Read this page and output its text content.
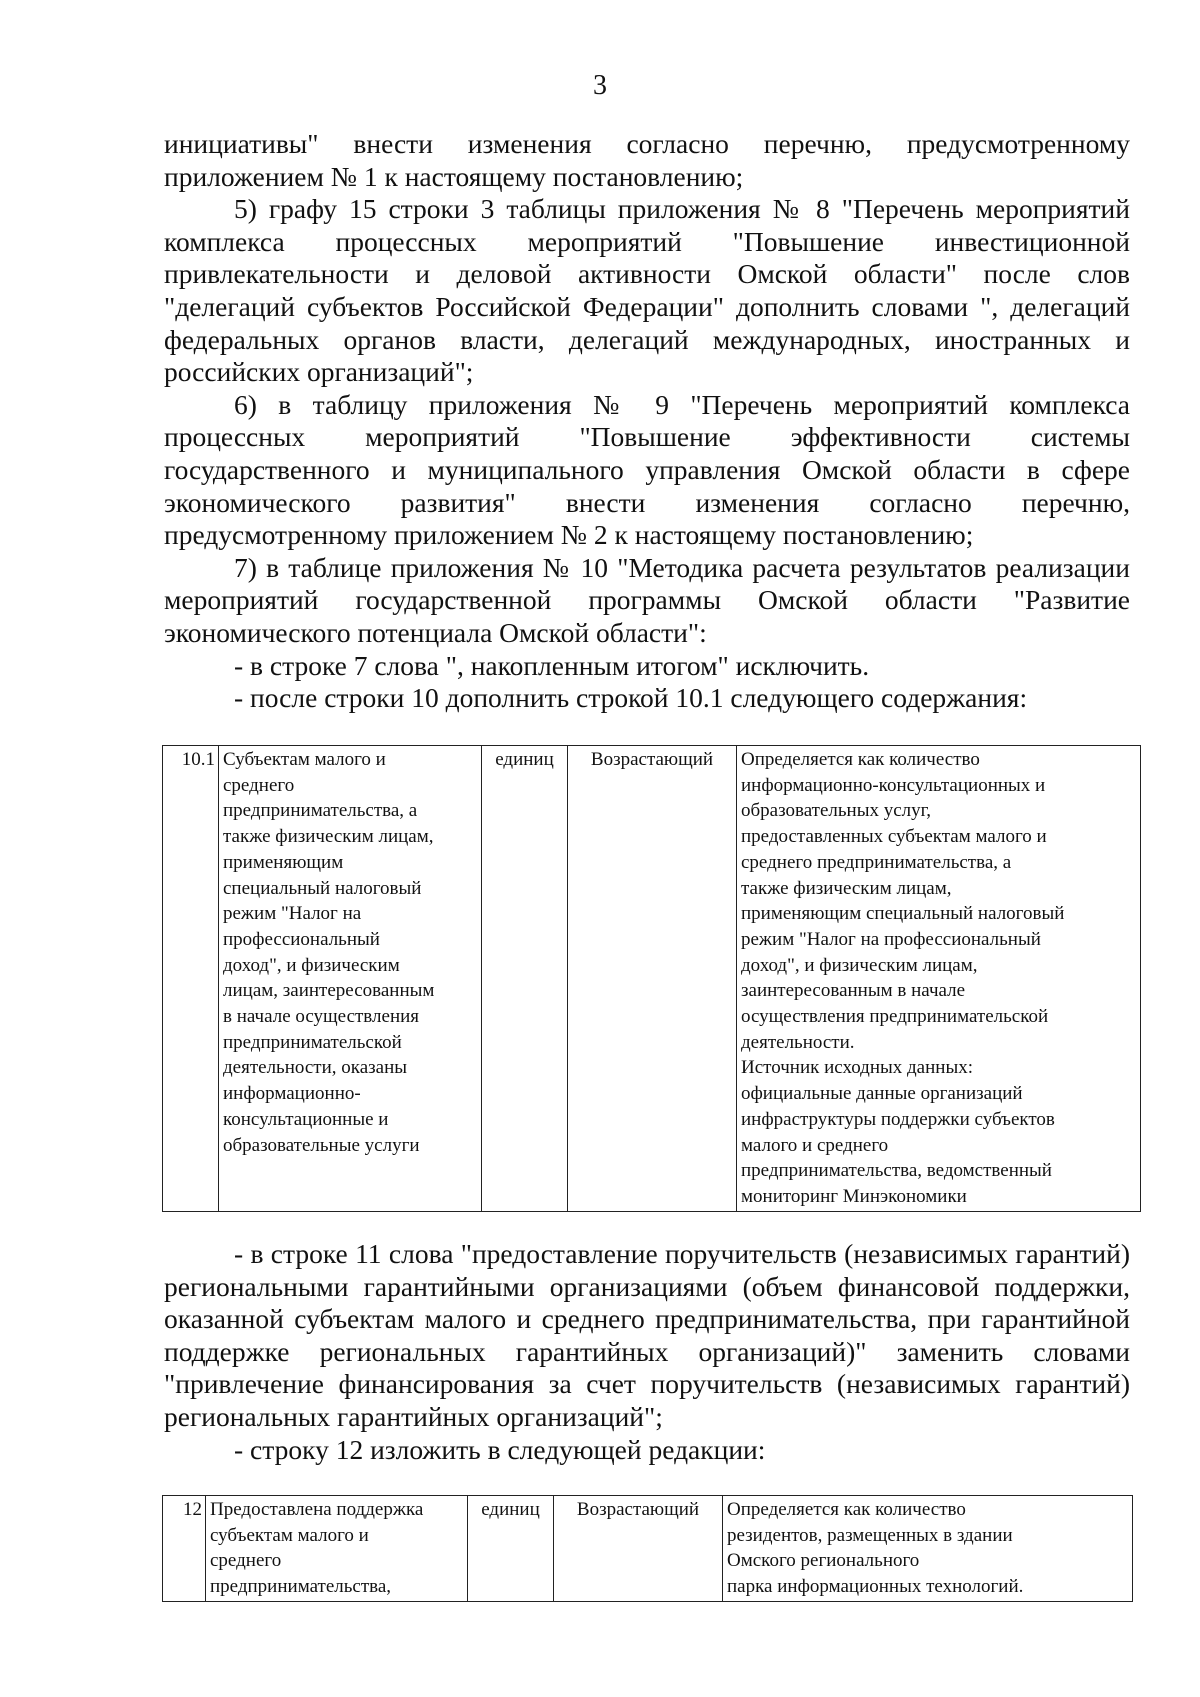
3

инициативы" внести изменения согласно перечню, предусмотренному приложением № 1 к настоящему постановлению;

5) графу 15 строки 3 таблицы приложения № 8 "Перечень мероприятий комплекса процессных мероприятий "Повышение инвестиционной привлекательности и деловой активности Омской области" после слов "делегаций субъектов Российской Федерации" дополнить словами ", делегаций федеральных органов власти, делегаций международных, иностранных и российских организаций";

6) в таблицу приложения № 9 "Перечень мероприятий комплекса процессных мероприятий "Повышение эффективности системы государственного и муниципального управления Омской области в сфере экономического развития" внести изменения согласно перечню, предусмотренному приложением № 2 к настоящему постановлению;

7) в таблице приложения № 10 "Методика расчета результатов реализации мероприятий государственной программы Омской области "Развитие экономического потенциала Омской области":

- в строке 7 слова ", накопленным итогом" исключить.

- после строки 10 дополнить строкой 10.1 следующего содержания:

10.1	Субъектам малого и
среднего
предпринимательства, а
также физическим лицам,
применяющим
специальный налоговый
режим "Налог на
профессиональный
доход", и физическим
лицам, заинтересованным
в начале осуществления
предпринимательской
деятельности, оказаны
информационно-
консультационные и
образовательные услуги	единиц	Возрастающий	Определяется как количество
информационно-консультационных и
образовательных услуг,
предоставленных субъектам малого и
среднего предпринимательства, а
также физическим лицам,
применяющим специальный налоговый
режим "Налог на профессиональный
доход", и физическим лицам,
заинтересованным в начале
осуществления предпринимательской
деятельности.
Источник исходных данных:
официальные данные организаций
инфраструктуры поддержки субъектов
малого и среднего
предпринимательства, ведомственный
мониторинг Минэкономики

- в строке 11 слова "предоставление поручительств (независимых гарантий) региональными гарантийными организациями (объем финансовой поддержки, оказанной субъектам малого и среднего предпринимательства, при гарантийной поддержке региональных гарантийных организаций)" заменить словами "привлечение финансирования за счет поручительств (независимых гарантий) региональных гарантийных организаций";

- строку 12 изложить в следующей редакции:

12	Предоставлена поддержка
субъектам малого и
среднего
предпринимательства,	единиц	Возрастающий	Определяется как количество
резидентов, размещенных в здании
Омского регионального
парка информационных технологий.
